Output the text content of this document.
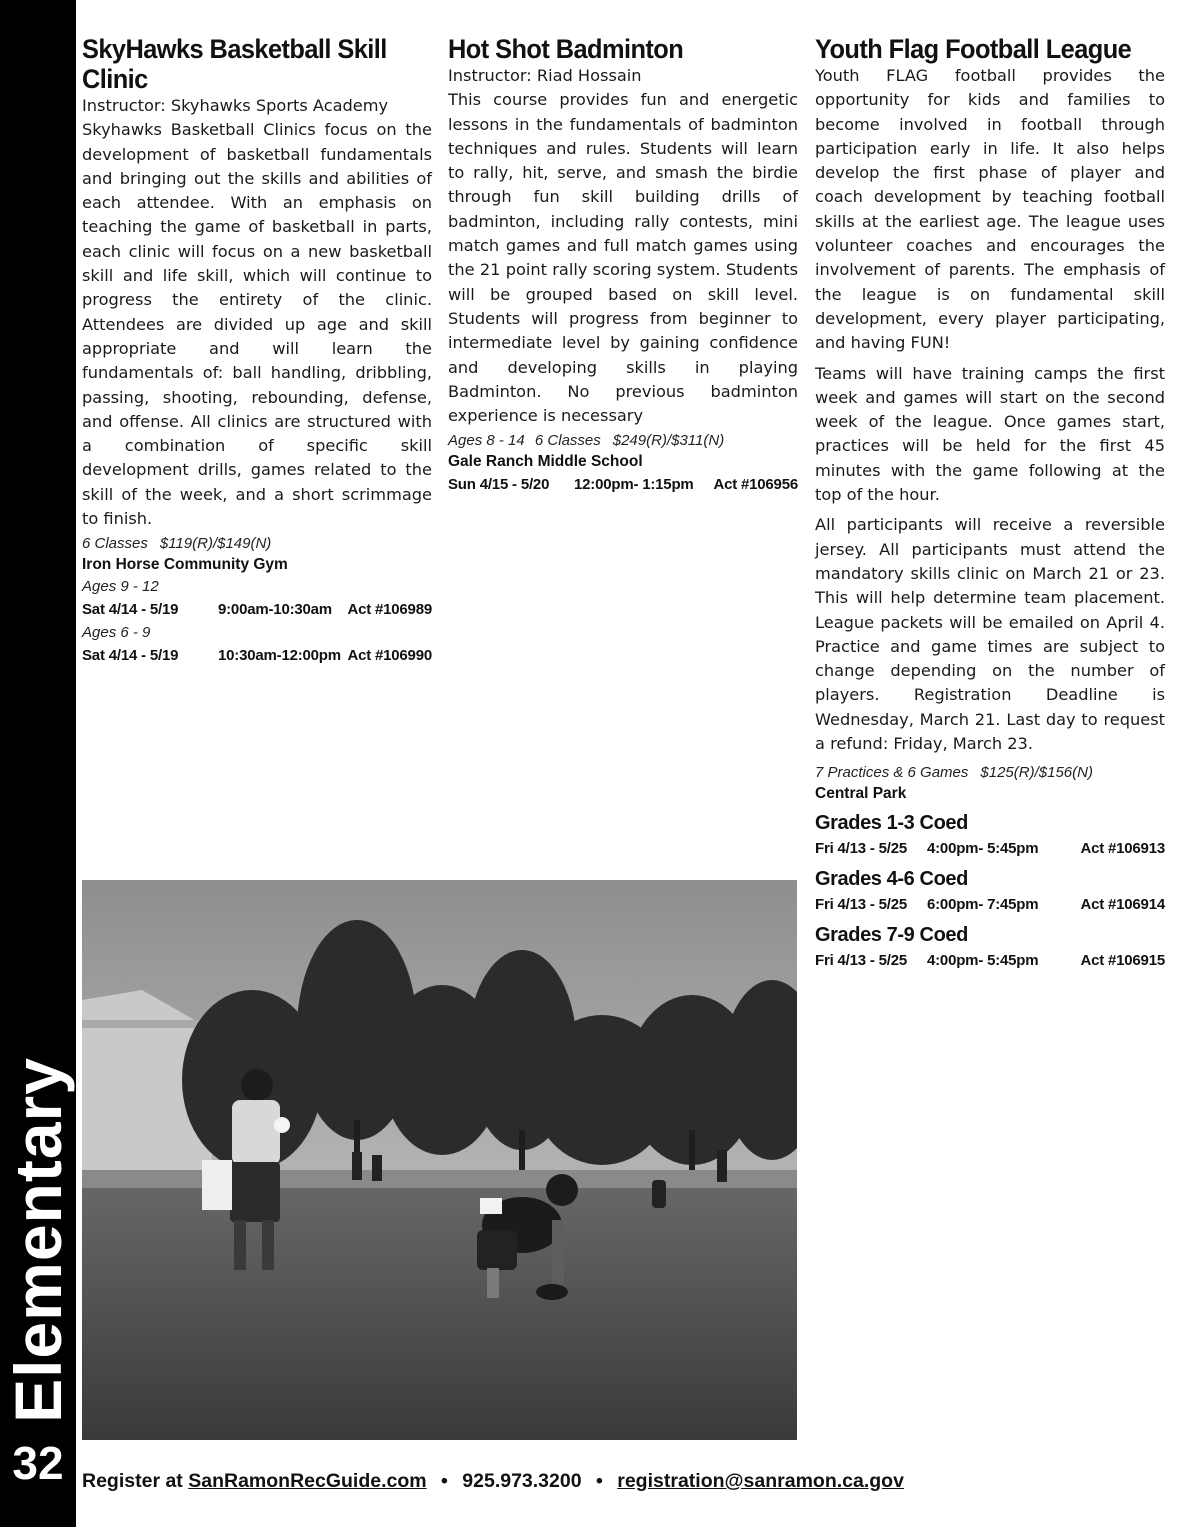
Elementary
32
SkyHawks Basketball Skill Clinic

Instructor: Skyhawks Sports Academy

Skyhawks Basketball Clinics focus on the development of basketball fundamentals and bringing out the skills and abilities of each attendee. With an emphasis on teaching the game of basketball in parts, each clinic will focus on a new basketball skill and life skill, which will continue to progress the entirety of the clinic. Attendees are divided up age and skill appropriate and will learn the fundamentals of: ball handling, dribbling, passing, shooting, rebounding, defense, and offense. All clinics are structured with a combination of specific skill development drills, games related to the skill of the week, and a short scrimmage to finish.

6 Classes $119(R)/$149(N)
Iron Horse Community Gym
Ages 9 - 12
Sat 4/14 - 5/19	9:00am-10:30am	Act #106989
Ages 6 - 9
Sat 4/14 - 5/19	10:30am-12:00pm Act #106990
Hot Shot Badminton

Instructor: Riad Hossain

This course provides fun and energetic lessons in the fundamentals of badminton techniques and rules. Students will learn to rally, hit, serve, and smash the birdie through fun skill building drills of badminton, including rally contests, mini match games and full match games using the 21 point rally scoring system. Students will be grouped based on skill level. Students will progress from beginner to intermediate level by gaining confidence and developing skills in playing Badminton. No previous badminton experience is necessary

Ages 8 - 14 6 Classes $249(R)/$311(N)
Gale Ranch Middle School
Sun 4/15 - 5/20	12:00pm- 1:15pm	Act #106956
Youth Flag Football League

Youth FLAG football provides the opportunity for kids and families to become involved in football through participation early in life. It also helps develop the first phase of player and coach development by teaching football skills at the earliest age. The league uses volunteer coaches and encourages the involvement of parents. The emphasis of the league is on fundamental skill development, every player participating, and having FUN!

Teams will have training camps the first week and games will start on the second week of the league. Once games start, practices will be held for the first 45 minutes with the game following at the top of the hour.

All participants will receive a reversible jersey. All participants must attend the mandatory skills clinic on March 21 or 23. This will help determine team placement. League packets will be emailed on April 4. Practice and game times are subject to change depending on the number of players. Registration Deadline is Wednesday, March 21. Last day to request a refund: Friday, March 23.

7 Practices & 6 Games $125(R)/$156(N)
Central Park
Grades 1-3 Coed
Fri 4/13 - 5/25	4:00pm- 5:45pm	Act #106913
Grades 4-6 Coed
Fri 4/13 - 5/25	6:00pm- 7:45pm	Act #106914
Grades 7-9 Coed
Fri 4/13 - 5/25	4:00pm- 5:45pm	Act #106915
Register at SanRamonRecGuide.com • 925.973.3200 • registration@sanramon.ca.gov
